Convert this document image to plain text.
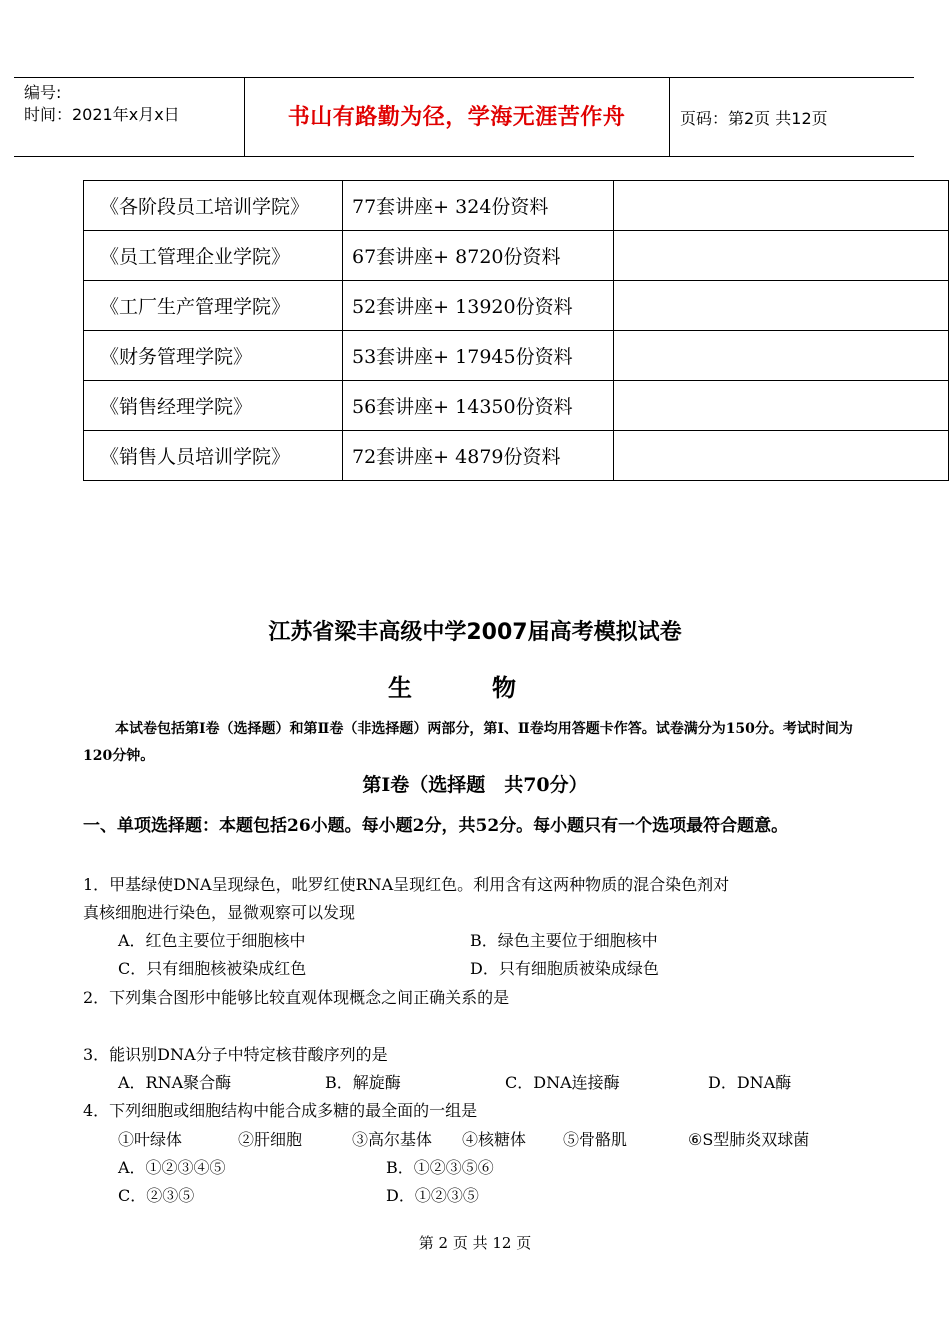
编号:
时间：2021年x月x日	书山有路勤为径，学海无涯苦作舟	页码：第2页 共12页
《各阶段员工培训学院》	77套讲座+ 324份资料	
《员工管理企业学院》	67套讲座+ 8720份资料	
《工厂生产管理学院》	52套讲座+ 13920份资料	
《财务管理学院》	53套讲座+ 17945份资料	
《销售经理学院》	56套讲座+ 14350份资料	
《销售人员培训学院》	72套讲座+ 4879份资料	
江苏省梁丰高级中学2007届高考模拟试卷
生	物
本试卷包括第Ⅰ卷（选择题）和第Ⅱ卷（非选择题）两部分，第Ⅰ、Ⅱ卷均用答题卡作答。试卷满分为150分。考试时间为120分钟。
第Ⅰ卷（选择题　共70分）
一、单项选择题：本题包括26小题。每小题2分，共52分。每小题只有一个选项最符合题意。
1．甲基绿使DNA呈现绿色，吡罗红使RNA呈现红色。利用含有这两种物质的混合染色剂对
真核细胞进行染色，显微观察可以发现
A．红色主要位于细胞核中	B．绿色主要位于细胞核中
C．只有细胞核被染成红色	D．只有细胞质被染成绿色
2．下列集合图形中能够比较直观体现概念之间正确关系的是
3．能识别DNA分子中特定核苷酸序列的是
A．RNA聚合酶	B．解旋酶	C．DNA连接酶	D．DNA酶
4．下列细胞或细胞结构中能合成多糖的最全面的一组是
①叶绿体	②肝细胞	③高尔基体 ④核糖体 ⑤骨骼肌	⑥S型肺炎双球菌
A．①②③④⑤	B．①②③⑤⑥
C．②③⑤	D．①②③⑤
第 2 页 共 12 页
